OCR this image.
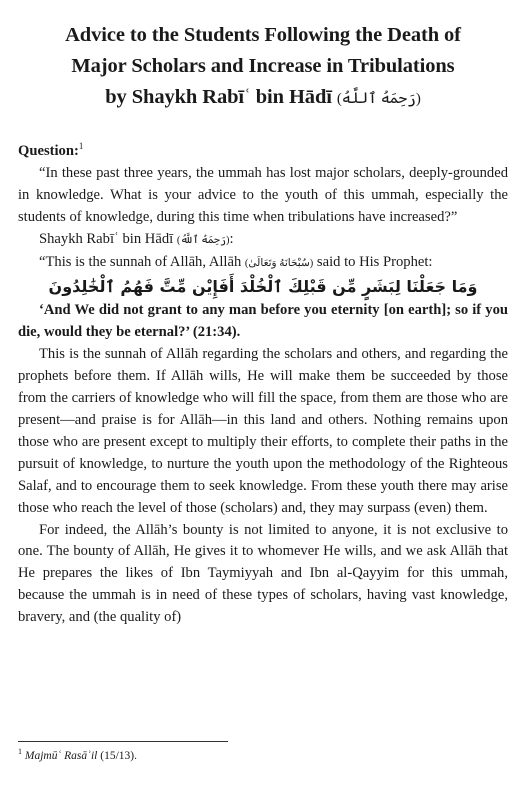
Advice to the Students Following the Death of
Major Scholars and Increase in Tribulations
by Shaykh Rabīʿ bin Hādī (رَحِمَهُ ٱللَّهُ)

Question:$^1$

“In these past three years, the ummah has lost major scholars, deeply-grounded in knowledge. What is your advice to the youth of this ummah, especially the students of knowledge, during this time when tribulations have increased?”

Shaykh Rabīʿ bin Hādī (رَحِمَهُ ٱللَّهُ):

“This is the sunnah of Allāh, Allāh (سُبْحَانَهُ وَتَعَالَىٰ) said to His Prophet:

وَمَا جَعَلْنَا لِبَشَرٍ مِّن قَبْلِكَ ٱلْخُلْدَ أَفَإِيْن مِّتَّ فَهُمُ ٱلْخَٰلِدُونَ

‘And We did not grant to any man before you eternity [on earth]; so if you die, would they be eternal?’ (21:34).

This is the sunnah of Allāh regarding the scholars and others, and regarding the prophets before them. If Allāh wills, He will make them be succeeded by those from the carriers of knowledge who will fill the space, from them are those who are present—and praise is for Allāh—in this land and others. Nothing remains upon those who are present except to multiply their efforts, to complete their paths in the pursuit of knowledge, to nurture the youth upon the methodology of the Righteous Salaf, and to encourage them to seek knowledge. From these youth there may arise those who reach the level of those (scholars) and, they may surpass (even) them.

For indeed, the Allāh’s bounty is not limited to anyone, it is not exclusive to one. The bounty of Allāh, He gives it to whomever He wills, and we ask Allāh that He prepares the likes of Ibn Taymiyyah and Ibn al-Qayyim for this ummah, because the ummah is in need of these types of scholars, having vast knowledge, bravery, and (the quality of)

$^1$ Majmūʿ Rasāʾil (15/13).
